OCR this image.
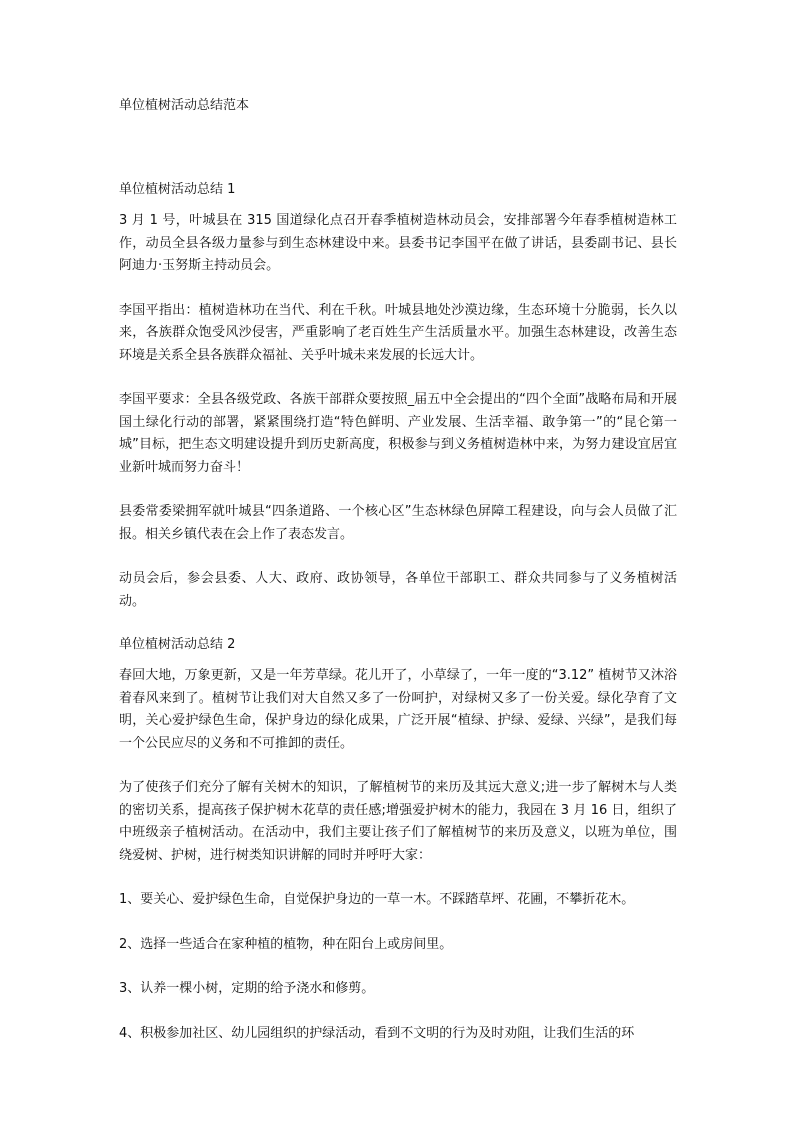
单位植树活动总结范本
单位植树活动总结 1

3 月 1 号，叶城县在 315 国道绿化点召开春季植树造林动员会，安排部署今年春季植树造林工作，动员全县各级力量参与到生态林建设中来。县委书记李国平在做了讲话，县委副书记、县长阿迪力·玉努斯主持动员会。

李国平指出：植树造林功在当代、利在千秋。叶城县地处沙漠边缘，生态环境十分脆弱，长久以来，各族群众饱受风沙侵害，严重影响了老百姓生产生活质量水平。加强生态林建设，改善生态环境是关系全县各族群众福祉、关乎叶城未来发展的长远大计。

李国平要求：全县各级党政、各族干部群众要按照_届五中全会提出的“四个全面”战略布局和开展国土绿化行动的部署，紧紧围绕打造“特色鲜明、产业发展、生活幸福、敢争第一”的“昆仑第一城”目标，把生态文明建设提升到历史新高度，积极参与到义务植树造林中来，为努力建设宜居宜业新叶城而努力奋斗！

县委常委梁拥军就叶城县“四条道路、一个核心区”生态林绿色屏障工程建设，向与会人员做了汇报。相关乡镇代表在会上作了表态发言。

动员会后，参会县委、人大、政府、政协领导，各单位干部职工、群众共同参与了义务植树活动。

单位植树活动总结 2

春回大地，万象更新，又是一年芳草绿。花儿开了，小草绿了，一年一度的“3.12” 植树节又沐浴着春风来到了。植树节让我们对大自然又多了一份呵护，对绿树又多了一份关爱。绿化孕育了文明，关心爱护绿色生命，保护身边的绿化成果，广泛开展“植绿、护绿、爱绿、兴绿”，是我们每一个公民应尽的义务和不可推卸的责任。

为了使孩子们充分了解有关树木的知识，了解植树节的来历及其远大意义;进一步了解树木与人类的密切关系，提高孩子保护树木花草的责任感;增强爱护树木的能力，我园在 3 月 16 日，组织了中班级亲子植树活动。在活动中，我们主要让孩子们了解植树节的来历及意义，以班为单位，围绕爱树、护树，进行树类知识讲解的同时并呼吁大家：

1、要关心、爱护绿色生命，自觉保护身边的一草一木。不踩踏草坪、花圃，不攀折花木。

2、选择一些适合在家种植的植物，种在阳台上或房间里。

3、认养一棵小树，定期的给予浇水和修剪。

4、积极参加社区、幼儿园组织的护绿活动，看到不文明的行为及时劝阻，让我们生活的环
